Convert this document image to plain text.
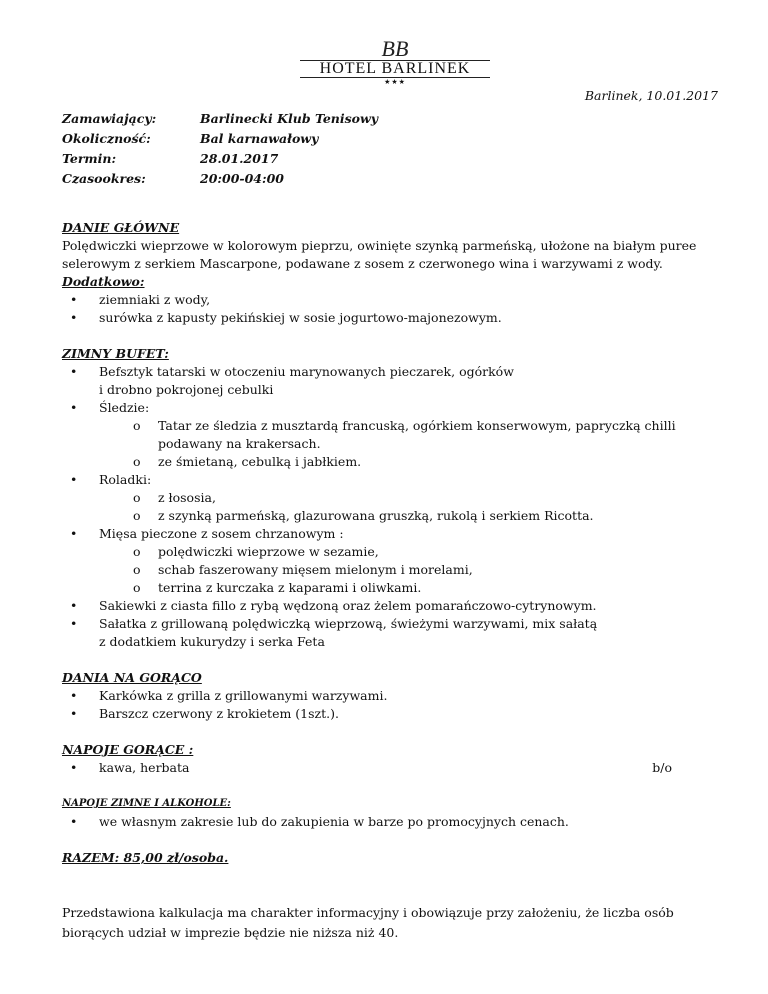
BB
HOTEL BARLINEK
★★★
Barlinek, 10.01.2017
Zamawiający:	Barlinecki Klub Tenisowy
Okoliczność:	Bal karnawałowy
Termin:	28.01.2017
Czasookres:	20:00-04:00

DANIE GŁÓWNE

Polędwiczki wieprzowe w kolorowym pieprzu, owinięte szynką parmeńską, ułożone na białym puree selerowym z serkiem Mascarpone, podawane z sosem z czerwonego wina i warzywami z wody.

Dodatkowo:

• ziemniaki z wody,
• surówka z kapusty pekińskiej w sosie jogurtowo-majonezowym.

ZIMNY BUFET:

• Befsztyk tatarski w otoczeniu marynowanych pieczarek, ogórków
i drobno pokrojonej cebulki
• Śledzie:
o Tatar ze śledzia z musztardą francuską, ogórkiem konserwowym, papryczką chilli
podawany na krakersach.
o ze śmietaną, cebulką i jabłkiem.
• Roladki:
o z łososia,
o z szynką parmeńską, glazurowana gruszką, rukolą i serkiem Ricotta.
• Mięsa pieczone z sosem chrzanowym :
o polędwiczki wieprzowe w sezamie,
o schab faszerowany mięsem mielonym i morelami,
o terrina z kurczaka z kaparami i oliwkami.
• Sakiewki z ciasta fillo z rybą wędzoną oraz żelem pomarańczowo-cytrynowym.
• Sałatka z grillowaną polędwiczką wieprzową, świeżymi warzywami, mix sałatą
z dodatkiem kukurydzy i serka Feta

DANIA NA GORĄCO

• Karkówka z grilla z grillowanymi warzywami.
• Barszcz czerwony z krokietem (1szt.).

NAPOJE GORĄCE :

• kawa, herbata	b/o

NAPOJE ZIMNE I ALKOHOLE:

• we własnym zakresie lub do zakupienia w barze po promocyjnych cenach.

RAZEM: 85,00 zł/osoba.

Przedstawiona kalkulacja ma charakter informacyjny i obowiązuje przy założeniu, że liczba osób biorących udział w imprezie będzie nie niższa niż 40.
